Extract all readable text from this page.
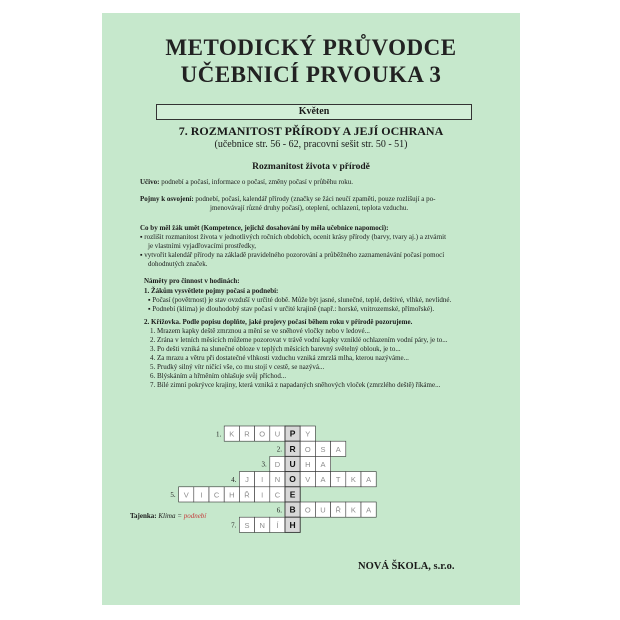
METODICKÝ PRŮVODCE
UČEBNICÍ PRVOUKA 3
Květen
7. ROZMANITOST PŘÍRODY A JEJÍ OCHRANA
(učebnice str. 56 - 62, pracovní sešit str. 50 - 51)
Rozmanitost života v přírodě
Učivo: podnebí a počasí, informace o počasí, změny počasí v průběhu roku.
Pojmy k osvojení: podnebí, počasí, kalendář přírody (značky se žáci neučí zpaměti, pouze rozlišují a po-
jmenovávají různé druhy počasí), oteplení, ochlazení, teplota vzduchu.
Co by měl žák umět (Kompetence, jejichž dosahování by měla učebnice napomoci):
▪ rozlišit rozmanitost života v jednotlivých ročních obdobích, ocenit krásy přírody (barvy, tvary aj.) a ztvárnit
je vlastními vyjadřovacími prostředky,
▪ vytvořit kalendář přírody na základě pravidelného pozorování a průběžného zaznamenávání počasí pomocí
dohodnutých značek.
Náměty pro činnost v hodinách:
1. Žákům vysvětlete pojmy počasí a podnebí:
▪ Počasí (povětrnost) je stav ovzduší v určité době. Může být jasné, slunečné, teplé, deštivé, vlhké, nevlídné.
▪ Podnebí (klima) je dlouhodobý stav počasí v určité krajině (např.: horské, vnitrozemské, přímořské).
2. Křížovka. Podle popisu doplňte, jaké projevy počasí během roku v přírodě pozorujeme.
1. Mrazem kapky deště zmrznou a mění se ve sněhové vločky nebo v ledové...
2. Zrána v letních měsících můžeme pozorovat v trávě vodní kapky vzniklé ochlazením vodní páry, je to...
3. Po dešti vzniká na slunečné obloze v teplých měsících barevný světelný oblouk, je to...
4. Za mrazu a větru při dostatečné vlhkosti vzduchu vzniká zmrzlá mlha, kterou nazýváme...
5. Prudký silný vítr ničící vše, co mu stojí v cestě, se nazývá...
6. Blýskáním a hřměním ohlašuje svůj příchod...
7. Bílé zimní pokrývce krajiny, která vzniká z napadaných sněhových vloček (zmrzlého deště) říkáme...
1. K R O U P Y
2. R O S A
3. D U H A
4. J I N O V A T K A
5. V I C H Ř I C E
6. B O U Ř K A
7. S N Í H
Tajenka: Klima = podnebí
NOVÁ ŠKOLA, s.r.o.
